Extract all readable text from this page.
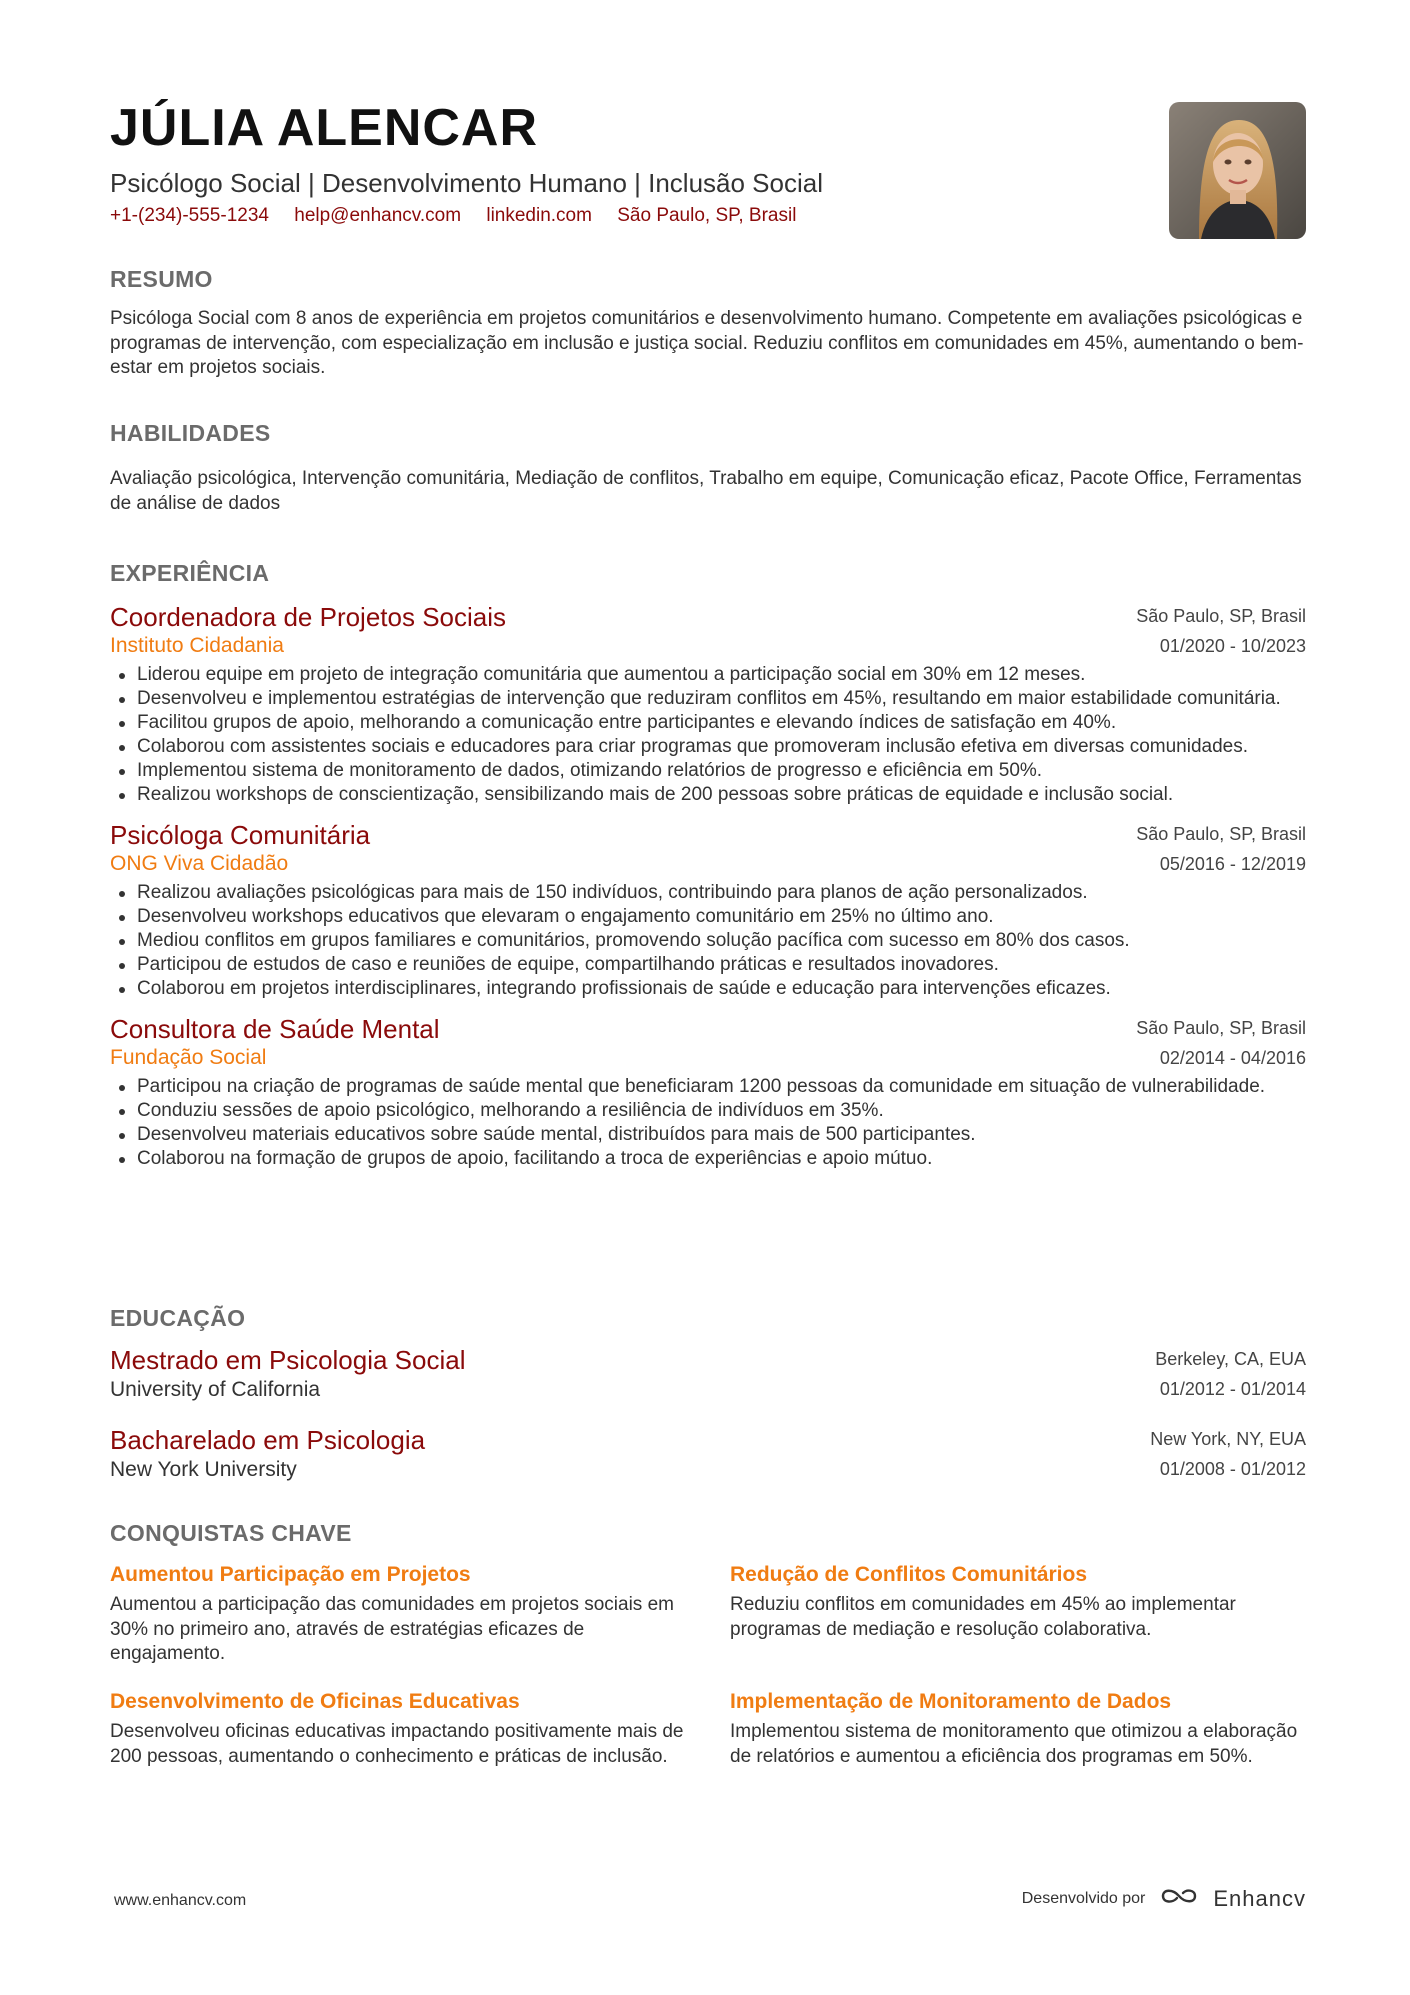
JÚLIA ALENCAR
Psicólogo Social | Desenvolvimento Humano | Inclusão Social
+1-(234)-555-1234 help@enhancv.com linkedin.com São Paulo, SP, Brasil
RESUMO
Psicóloga Social com 8 anos de experiência em projetos comunitários e desenvolvimento humano. Competente em avaliações psicológicas e programas de intervenção, com especialização em inclusão e justiça social. Reduziu conflitos em comunidades em 45%, aumentando o bem-estar em projetos sociais.
HABILIDADES
Avaliação psicológica, Intervenção comunitária, Mediação de conflitos, Trabalho em equipe, Comunicação eficaz, Pacote Office, Ferramentas de análise de dados
EXPERIÊNCIA
Coordenadora de Projetos Sociais
Instituto Cidadania
São Paulo, SP, Brasil
01/2020 - 10/2023
Liderou equipe em projeto de integração comunitária que aumentou a participação social em 30% em 12 meses.
Desenvolveu e implementou estratégias de intervenção que reduziram conflitos em 45%, resultando em maior estabilidade comunitária.
Facilitou grupos de apoio, melhorando a comunicação entre participantes e elevando índices de satisfação em 40%.
Colaborou com assistentes sociais e educadores para criar programas que promoveram inclusão efetiva em diversas comunidades.
Implementou sistema de monitoramento de dados, otimizando relatórios de progresso e eficiência em 50%.
Realizou workshops de conscientização, sensibilizando mais de 200 pessoas sobre práticas de equidade e inclusão social.
Psicóloga Comunitária
ONG Viva Cidadão
São Paulo, SP, Brasil
05/2016 - 12/2019
Realizou avaliações psicológicas para mais de 150 indivíduos, contribuindo para planos de ação personalizados.
Desenvolveu workshops educativos que elevaram o engajamento comunitário em 25% no último ano.
Mediou conflitos em grupos familiares e comunitários, promovendo solução pacífica com sucesso em 80% dos casos.
Participou de estudos de caso e reuniões de equipe, compartilhando práticas e resultados inovadores.
Colaborou em projetos interdisciplinares, integrando profissionais de saúde e educação para intervenções eficazes.
Consultora de Saúde Mental
Fundação Social
São Paulo, SP, Brasil
02/2014 - 04/2016
Participou na criação de programas de saúde mental que beneficiaram 1200 pessoas da comunidade em situação de vulnerabilidade.
Conduziu sessões de apoio psicológico, melhorando a resiliência de indivíduos em 35%.
Desenvolveu materiais educativos sobre saúde mental, distribuídos para mais de 500 participantes.
Colaborou na formação de grupos de apoio, facilitando a troca de experiências e apoio mútuo.
EDUCAÇÃO
Mestrado em Psicologia Social
University of California
Berkeley, CA, EUA
01/2012 - 01/2014
Bacharelado em Psicologia
New York University
New York, NY, EUA
01/2008 - 01/2012
CONQUISTAS CHAVE
Aumentou Participação em Projetos
Aumentou a participação das comunidades em projetos sociais em 30% no primeiro ano, através de estratégias eficazes de engajamento.
Redução de Conflitos Comunitários
Reduziu conflitos em comunidades em 45% ao implementar programas de mediação e resolução colaborativa.
Desenvolvimento de Oficinas Educativas
Desenvolveu oficinas educativas impactando positivamente mais de 200 pessoas, aumentando o conhecimento e práticas de inclusão.
Implementação de Monitoramento de Dados
Implementou sistema de monitoramento que otimizou a elaboração de relatórios e aumentou a eficiência dos programas em 50%.
www.enhancv.com	Desenvolvido por	Enhancv
